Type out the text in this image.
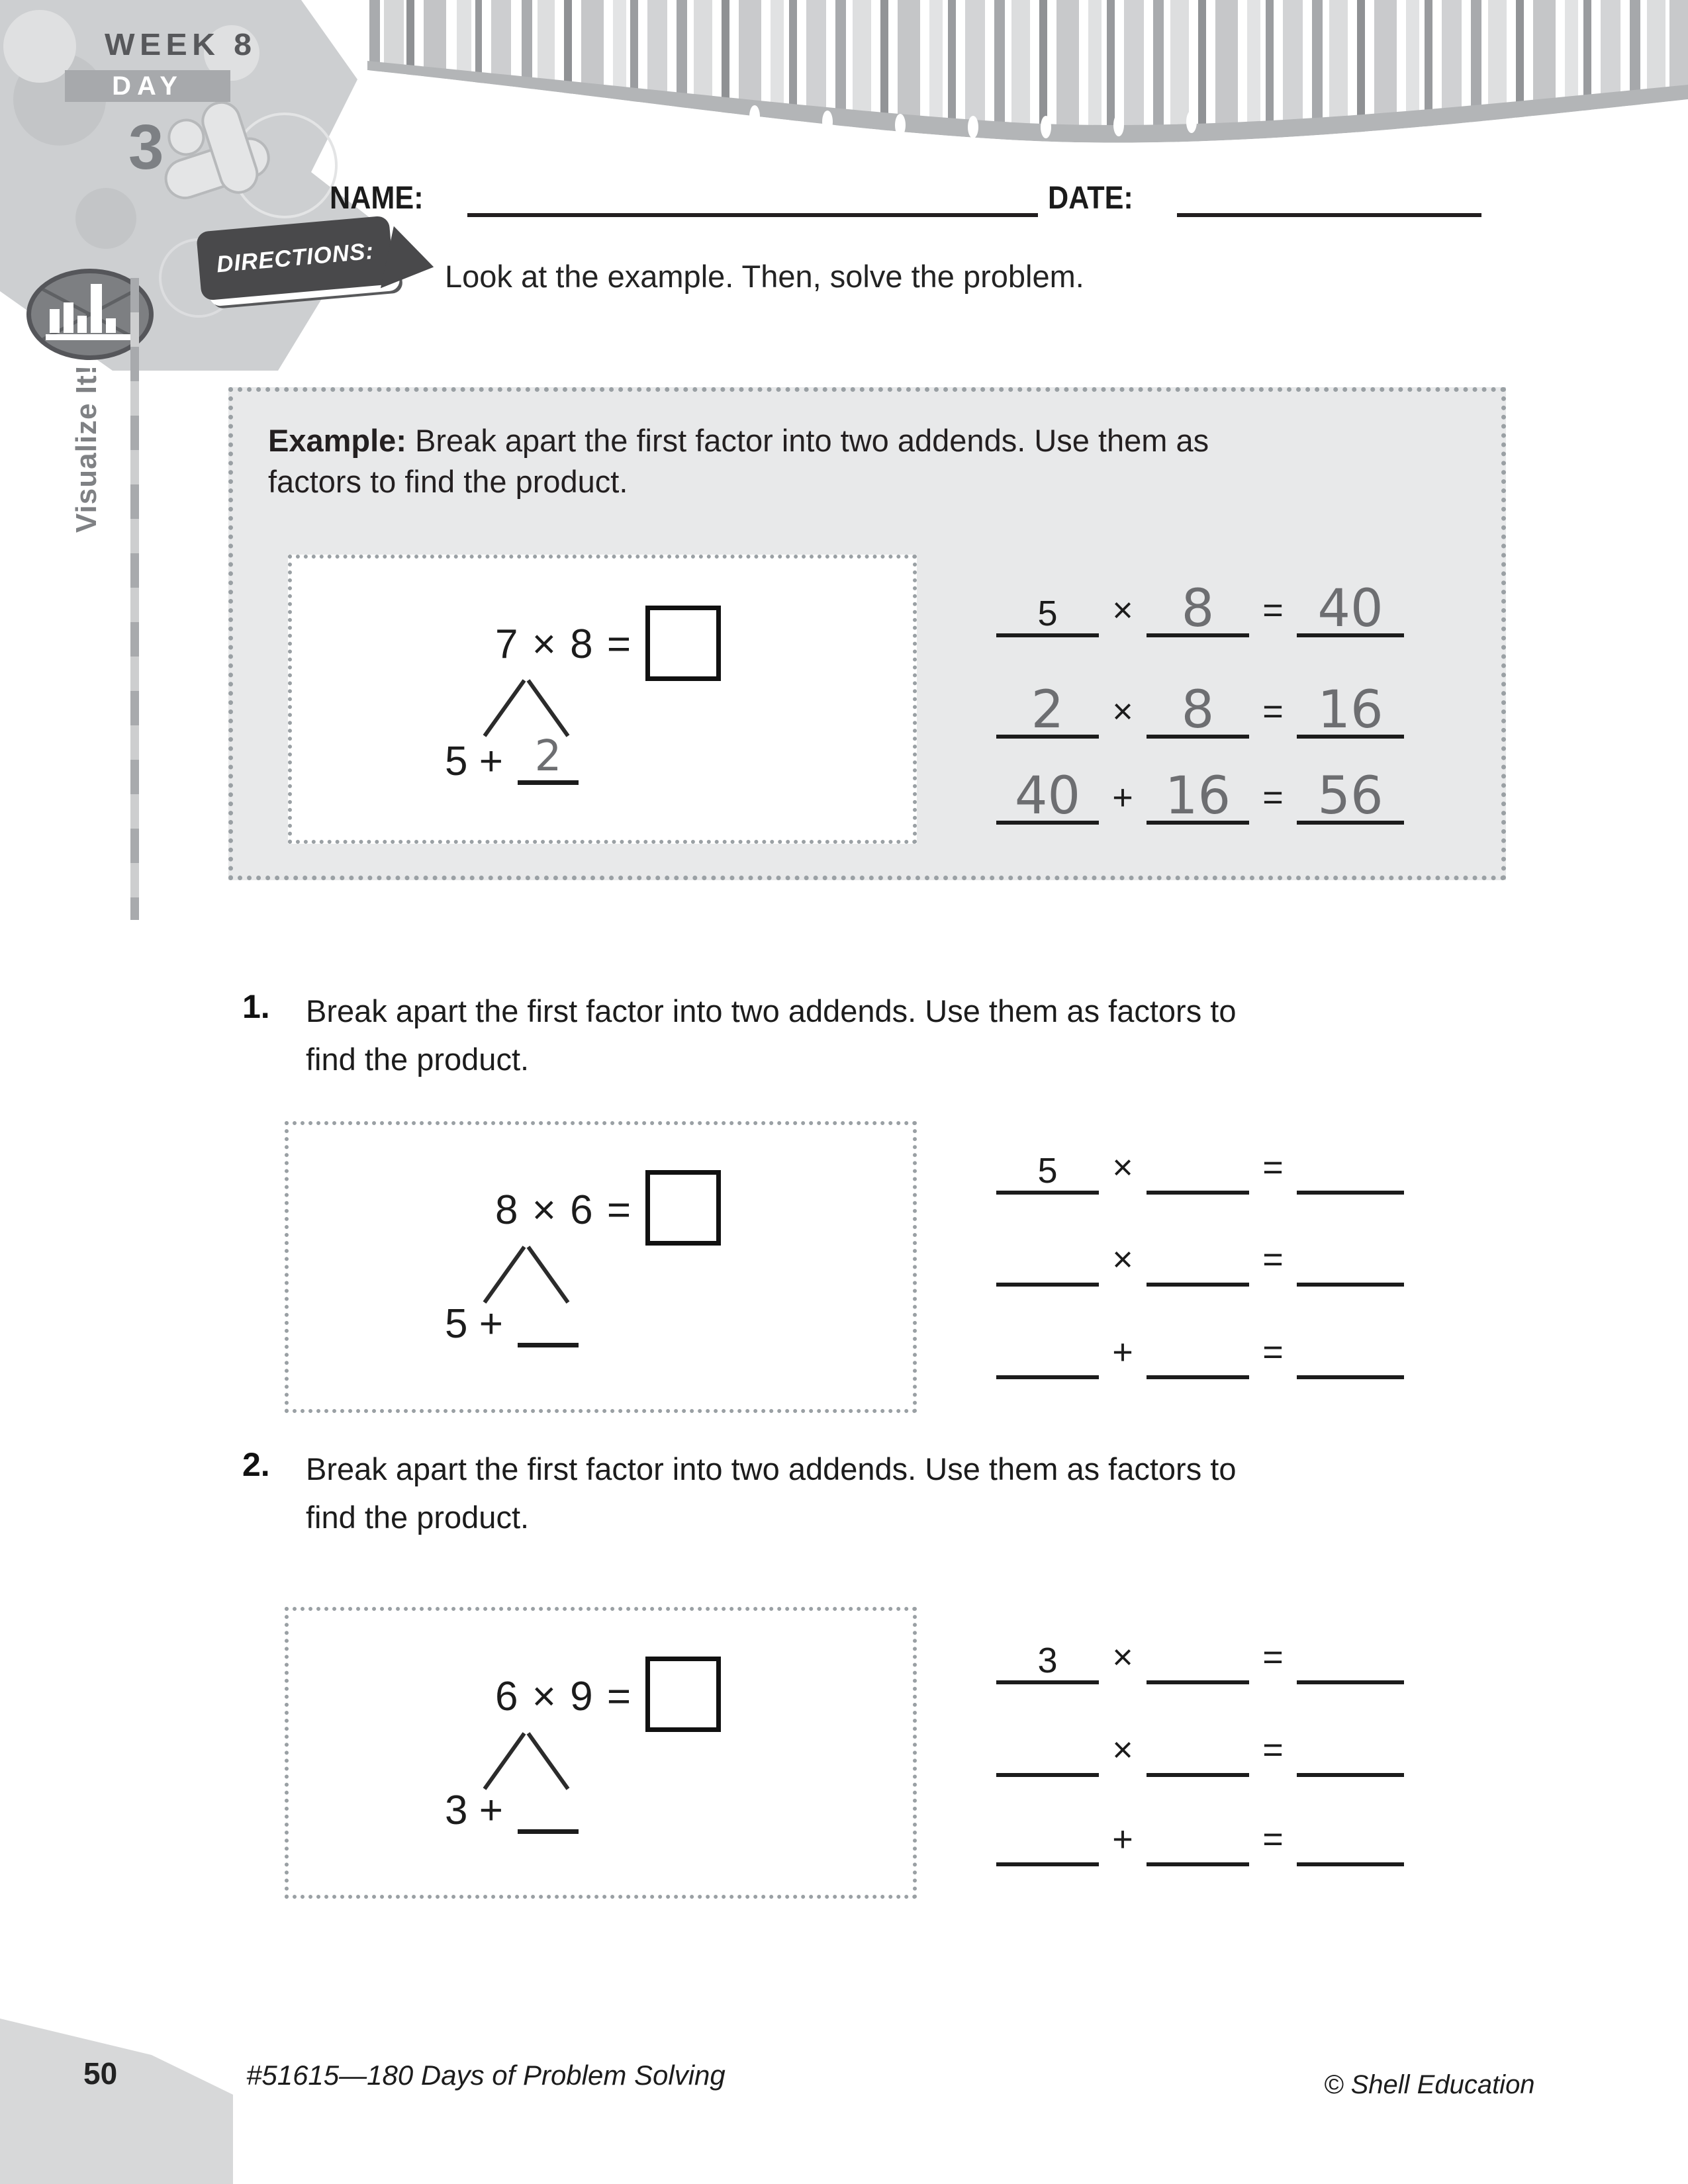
WEEK 8
DAY
3
Visualize It!
NAME:	DATE:
DIRECTIONS: Look at the example. Then, solve the problem.
Example: Break apart the first factor into two addends. Use them as
factors to find the product.
7 × 8 =
5 + 2
5	× 8	= 40
2	× 8	= 16
40 + 16 = 56
1. Break apart the first factor into two addends. Use them as factors to
find the product.
8 × 6 =
5 +
5	×	=
×	=
+	=
2. Break apart the first factor into two addends. Use them as factors to
find the product.
6 × 9 =
3 +
3	×	=
×	=
+	=
50	#51615—180 Days of Problem Solving	© Shell Education
